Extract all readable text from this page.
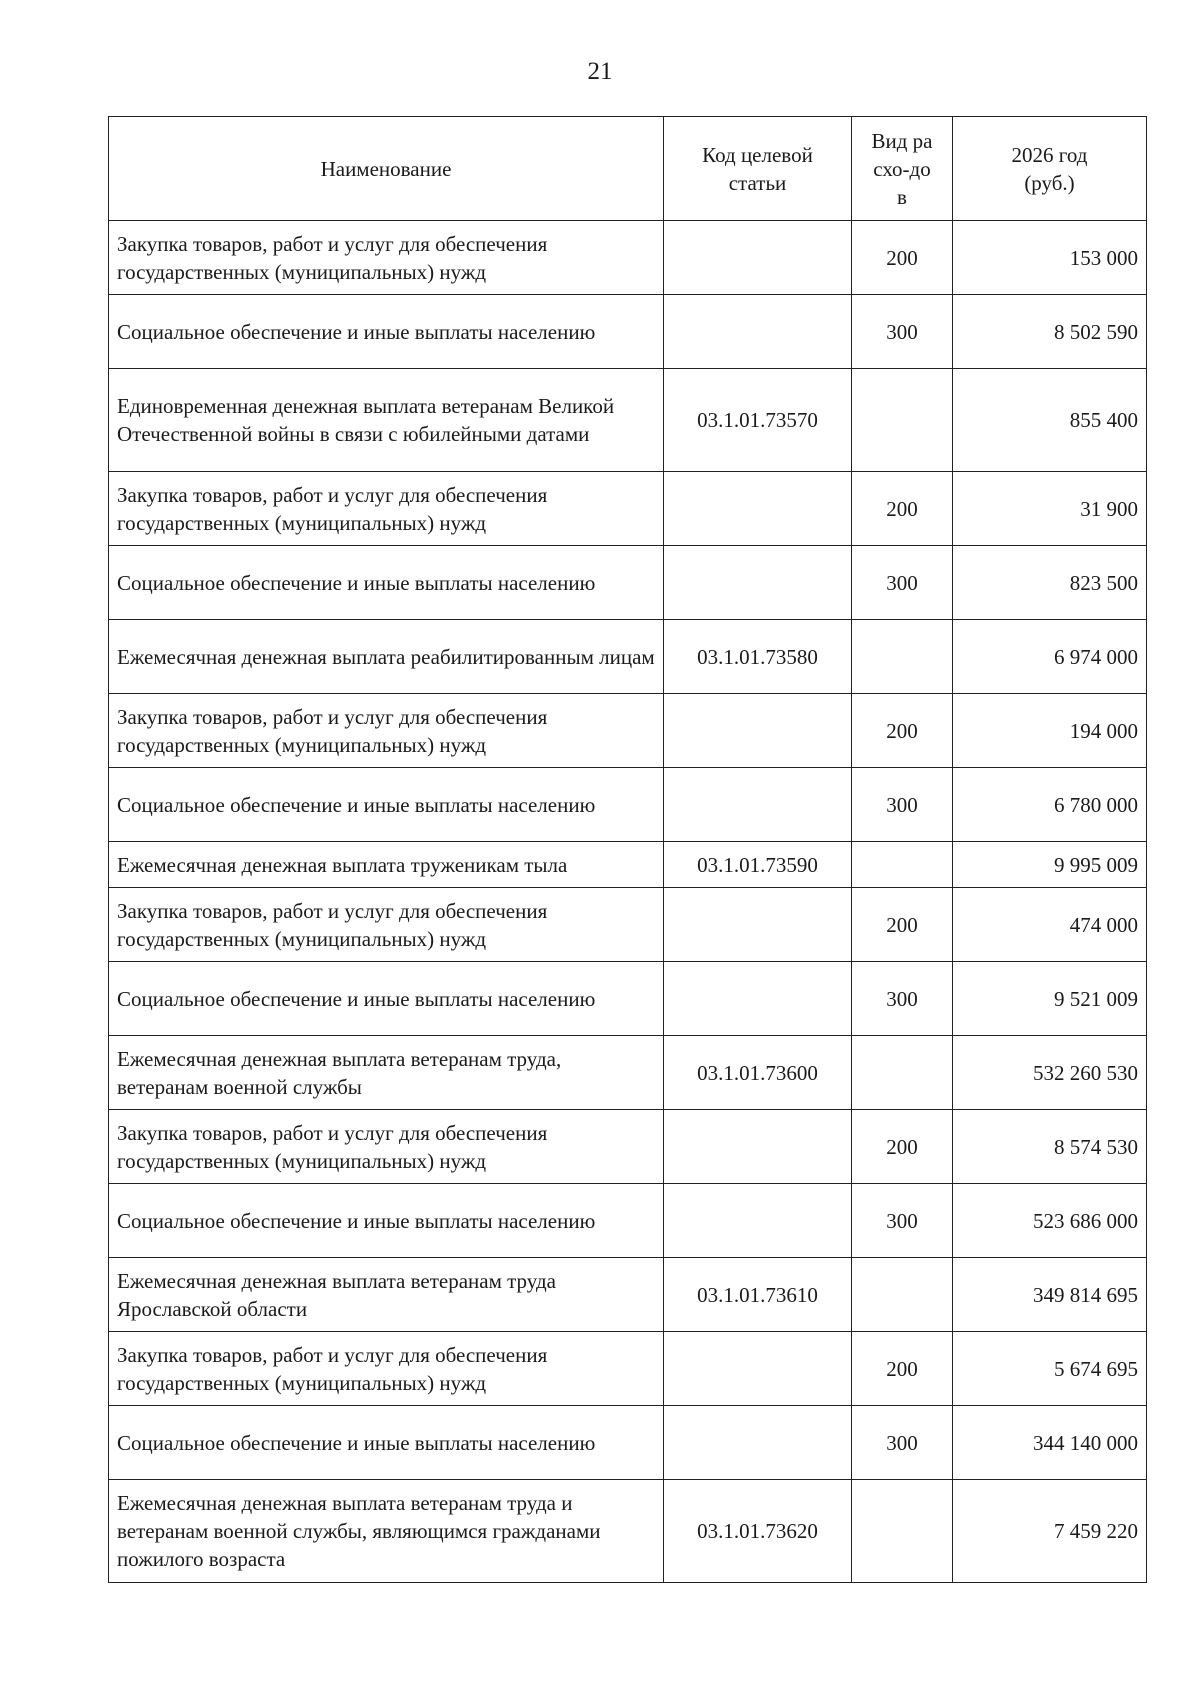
21
Наименование	Код целевой статьи	Вид расхо-дов	2026 год (руб.)

Закупка товаров, работ и услуг для обеспечения государственных (муниципальных) нужд		200	153 000
Социальное обеспечение и иные выплаты населению		300	8 502 590
Единовременная денежная выплата ветеранам Великой Отечественной войны в связи с юбилейными датами	03.1.01.73570		855 400
Закупка товаров, работ и услуг для обеспечения государственных (муниципальных) нужд		200	31 900
Социальное обеспечение и иные выплаты населению		300	823 500
Ежемесячная денежная выплата реабилитированным лицам	03.1.01.73580		6 974 000
Закупка товаров, работ и услуг для обеспечения государственных (муниципальных) нужд		200	194 000
Социальное обеспечение и иные выплаты населению		300	6 780 000
Ежемесячная денежная выплата труженикам тыла	03.1.01.73590		9 995 009
Закупка товаров, работ и услуг для обеспечения государственных (муниципальных) нужд		200	474 000
Социальное обеспечение и иные выплаты населению		300	9 521 009
Ежемесячная денежная выплата ветеранам труда, ветеранам военной службы	03.1.01.73600		532 260 530
Закупка товаров, работ и услуг для обеспечения государственных (муниципальных) нужд		200	8 574 530
Социальное обеспечение и иные выплаты населению		300	523 686 000
Ежемесячная денежная выплата ветеранам труда Ярославской области	03.1.01.73610		349 814 695
Закупка товаров, работ и услуг для обеспечения государственных (муниципальных) нужд		200	5 674 695
Социальное обеспечение и иные выплаты населению		300	344 140 000
Ежемесячная денежная выплата ветеранам труда и ветеранам военной службы, являющимся гражданами пожилого возраста	03.1.01.73620		7 459 220
